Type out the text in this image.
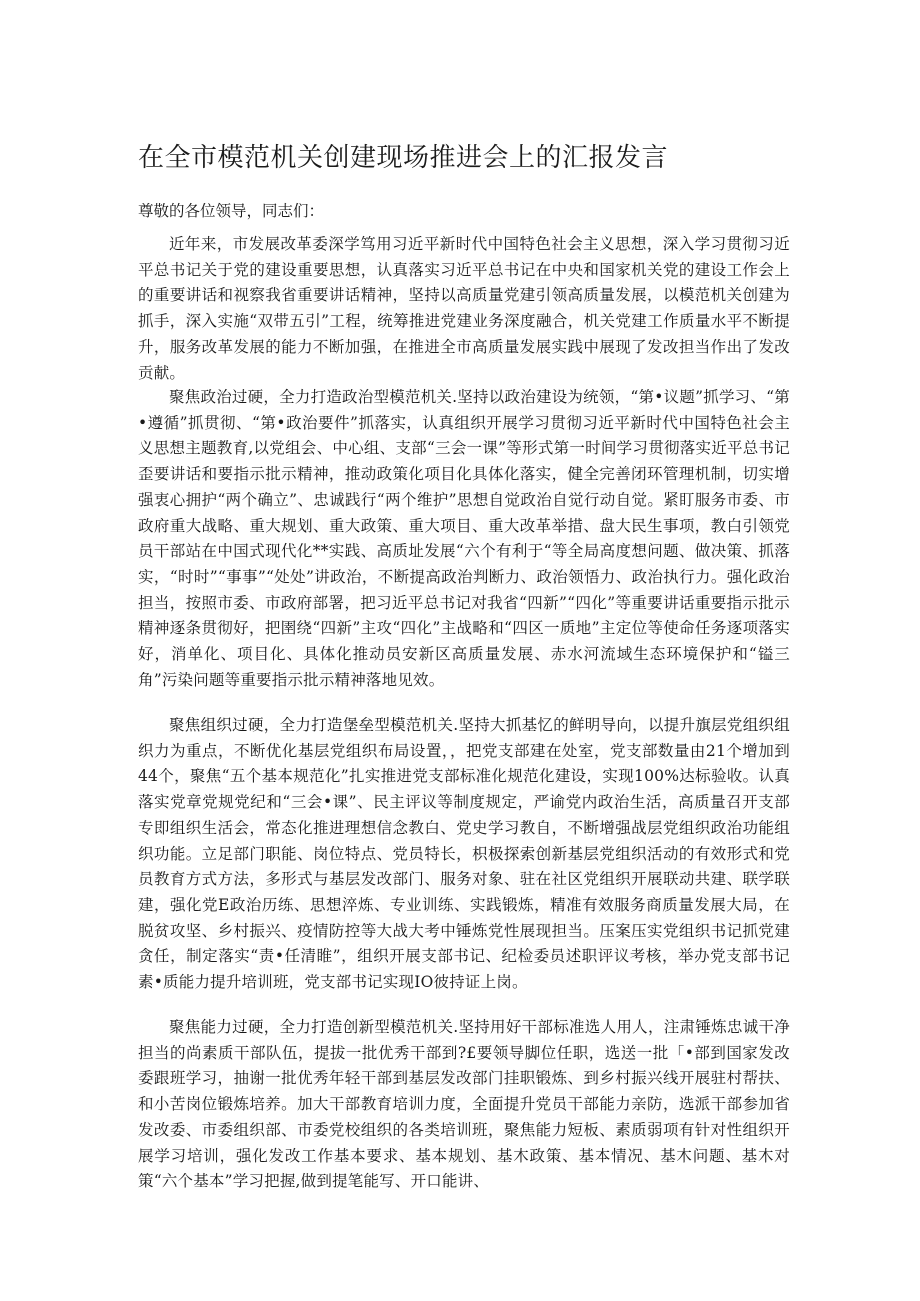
在全市模范机关创建现场推进会上的汇报发言

尊敬的各位领导，同志们：

近年来，市发展改革委深学笃用习近平新时代中国特色社会主义思想，深入学习贯彻习近平总书记关于党的建设重要思想，认真落实习近平总书记在中央和国家机关党的建设工作会上的重要讲话和视察我省重要讲话精神，坚持以高质量党建引领高质量发展，以模范机关创建为抓手，深入实施“双带五引”工程，统筹推进党建业务深度融合，机关党建工作质量水平不断提升，服务改革发展的能力不断加强，在推进全市高质量发展实践中展现了发改担当作出了发改贡献。

聚焦政治过硬，全力打造政治型模范机关.坚持以政治建设为统领，“第•议题”抓学习、“第•遵循”抓贯彻、“第•政治要件”抓落实，认真组织开展学习贯彻习近平新时代中国特色社会主义思想主题教育,以党组会、中心组、支部“三会一课”等形式第一时间学习贯彻落实近平总书记歪要讲话和要指示批示精神，推动政策化项目化具体化落实，健全完善闭环管理机制，切实增强衷心拥护“两个确立”、忠诚践行“两个维护”思想自觉政治自觉行动自觉。紧盯服务市委、市政府重大战略、重大规划、重大政策、重大项目、重大改革举措、盘大民生事项，教白引领党员干部站在中国式现代化**实践、高质址发展“六个有利于“等全局高度想问题、做决策、抓落实，“时时”“事事”“处处”讲政治，不断提高政治判断力、政治领悟力、政治执行力。强化政治担当，按照市委、市政府部署，把习近平总书记对我省“四新”“四化”等重要讲话重要指示批示精神逐条贯彻好，把圉绕“四新”主攻“四化”主战略和“四区一质地”主定位等使命任务逐项落实好，消单化、项目化、具体化推动员安新区高质量发展、赤水河流域生态环境保护和“镒三角”污染问题等重要指示批示精神落地见效。

聚焦组织过硬，全力打造堡垒型模范机关.坚持大抓基忆的鲜明导向，以提升旗层党组织组织力为重点，不断优化基层党组织布局设置，，把党支部建在处室，党支部数量由21个增加到44个，聚焦“五个基本规范化”扎实推进党支部标准化规范化建设，实现100%达标验收。认真落实党章党规党纪和“三会•课”、民主评议等制度规定，严谕党内政治生活，高质量召开支部专即组织生活会，常态化推进理想信念教白、党史学习教自，不断增强战层党组织政治功能组织功能。立足部门职能、岗位特点、党员特长，枳极探索创新基层党组织活动的有效形式和党员教育方式方法，多形式与基层发改部门、服务对象、驻在社区党组织开展联动共建、联学联建，强化党E政治历练、思想淬炼、专业训练、实践锻炼，精准有效服务商质量发展大局，在脱贫攻坚、乡村振兴、疫情防控等大战大考中锤炼党性展现担当。压案压实党组织书记抓党建贪任，制定落实“责•任清睢”，组织开展支部书记、纪检委员述职评议考核，举办党支部书记素•质能力提升培训班，党支部书记实现IO彼持证上岗。

聚焦能力过硬，全力打造创新型模范机关.坚持用好干部标准选人用人，注肃锤炼忠诚干净担当的尚素质干部队伍，提拔一批优秀干部到?£要领导脚位任职，选送一批「•部到国家发改委跟班学习，抽谢一批优秀年轻干部到基层发改部门挂职锻炼、到乡村振兴线开展驻村帮扶、和小苦岗位锻炼培养。加大干部教育培训力度，全面提升党员干部能力亲防，选派干部参加省发改委、市委组织部、市委党校组织的各类培训班，聚焦能力短板、素质弱项有针对性组织开展学习培训，强化发改工作基本要求、基本规划、基木政策、基本情况、基木问题、基木对策“六个基本”学习把握,做到提笔能写、开口能讲、
